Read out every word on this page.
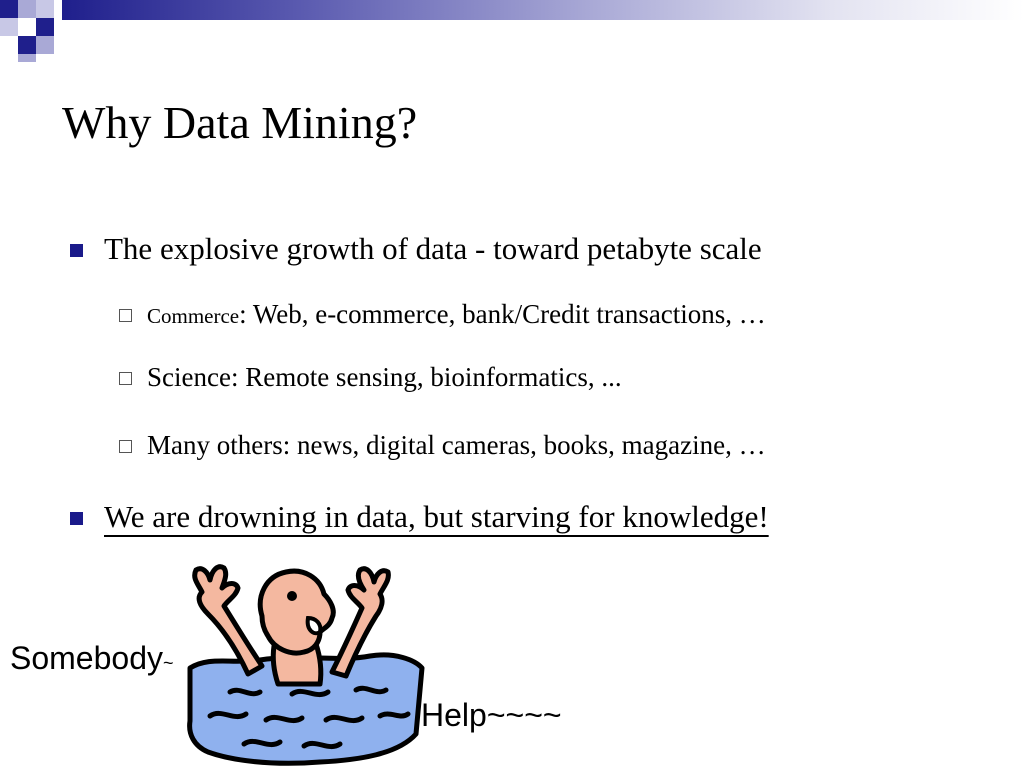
Why Data Mining?
The explosive growth of data - toward petabyte scale
Commerce: Web, e-commerce, bank/Credit transactions, …
Science: Remote sensing, bioinformatics, ...
Many others: news, digital cameras, books, magazine, …
We are drowning in data, but starving for knowledge!
Somebody~
Help~~~~
